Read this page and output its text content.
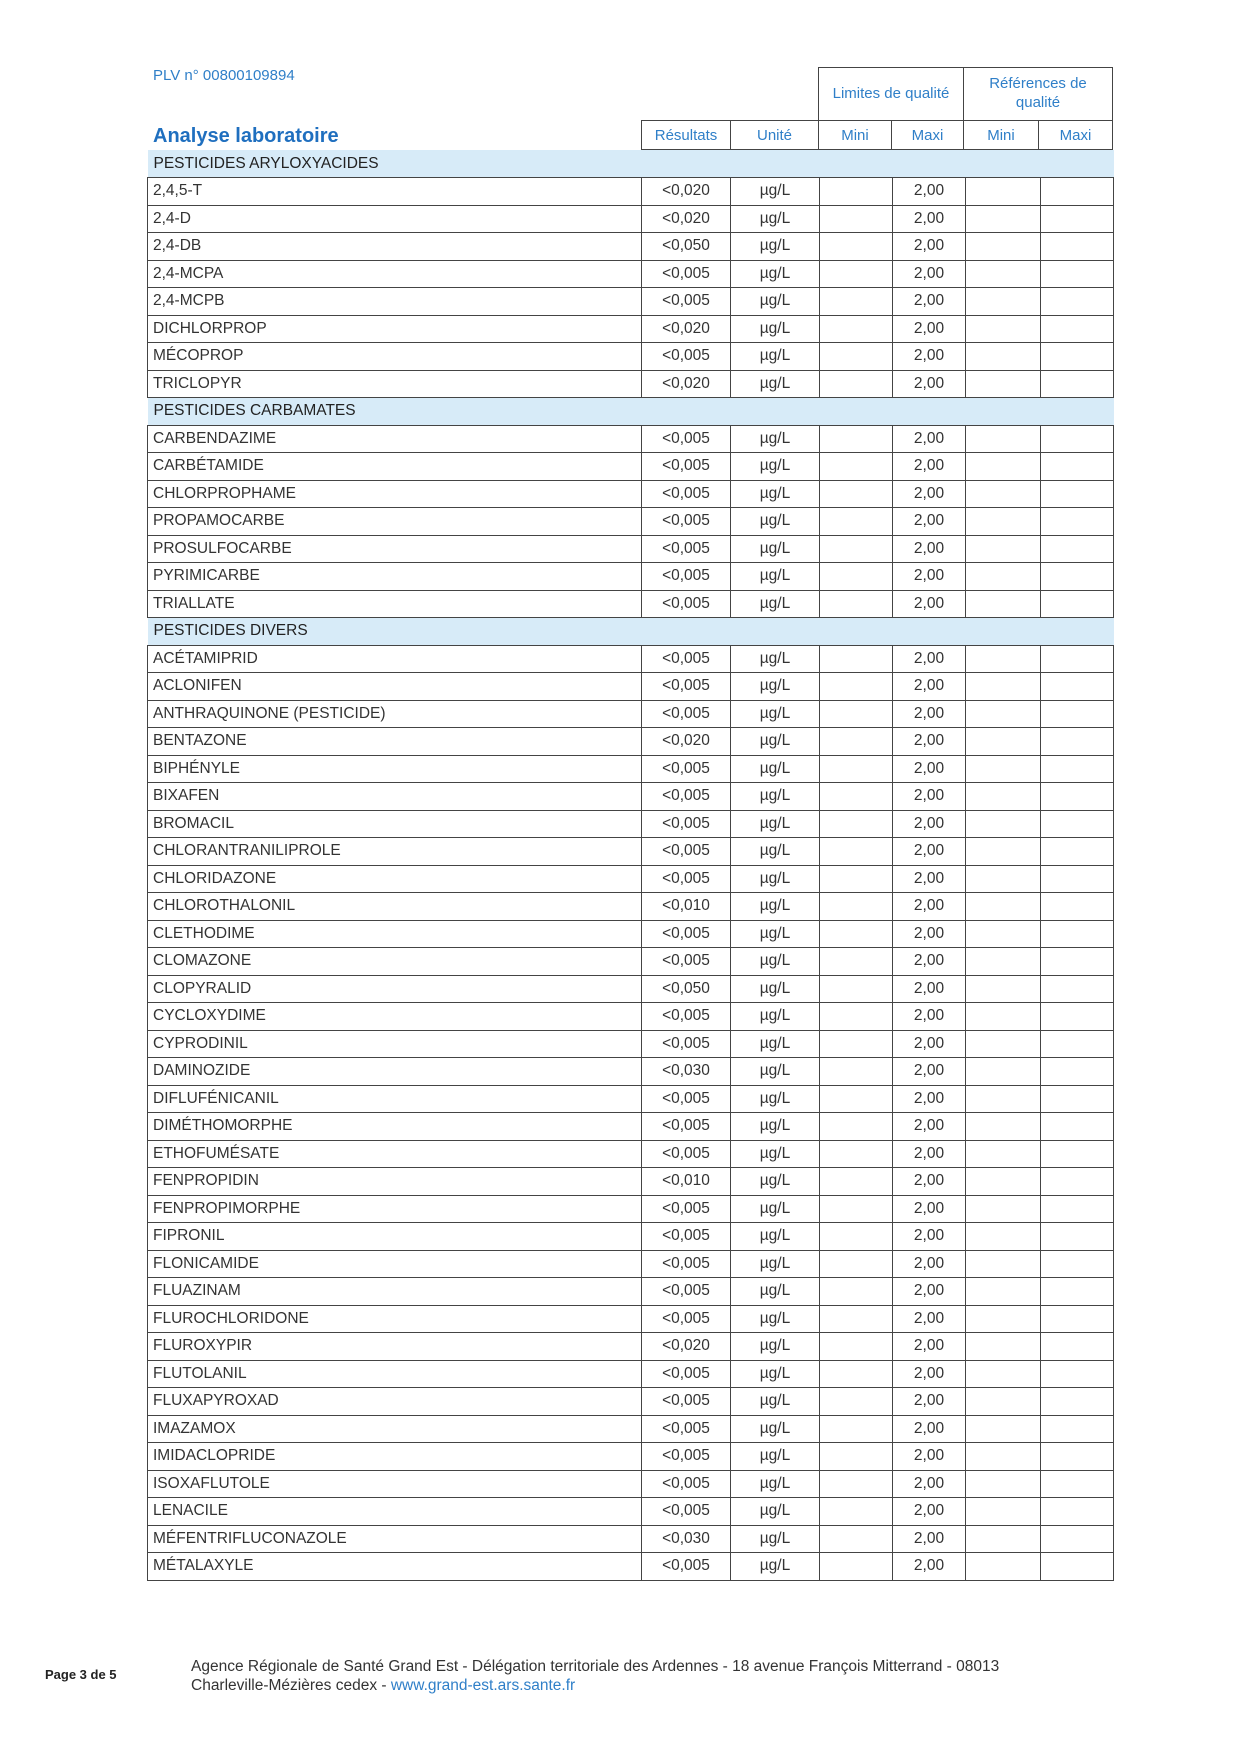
PLV n° 00800109894
Analyse laboratoire
Limites de qualité
Références de qualité
Résultats	Unité	Mini	Maxi	Mini	Maxi
PESTICIDES ARYLOXYACIDES						
2,4,5-T	<0,020	µg/L		2,00		
2,4-D	<0,020	µg/L		2,00		
2,4-DB	<0,050	µg/L		2,00		
2,4-MCPA	<0,005	µg/L		2,00		
2,4-MCPB	<0,005	µg/L		2,00		
DICHLORPROP	<0,020	µg/L		2,00		
MÉCOPROP	<0,005	µg/L		2,00		
TRICLOPYR	<0,020	µg/L		2,00		
PESTICIDES CARBAMATES						
CARBENDAZIME	<0,005	µg/L		2,00		
CARBÉTAMIDE	<0,005	µg/L		2,00		
CHLORPROPHAME	<0,005	µg/L		2,00		
PROPAMOCARBE	<0,005	µg/L		2,00		
PROSULFOCARBE	<0,005	µg/L		2,00		
PYRIMICARBE	<0,005	µg/L		2,00		
TRIALLATE	<0,005	µg/L		2,00		
PESTICIDES DIVERS						
ACÉTAMIPRID	<0,005	µg/L		2,00		
ACLONIFEN	<0,005	µg/L		2,00		
ANTHRAQUINONE (PESTICIDE)	<0,005	µg/L		2,00		
BENTAZONE	<0,020	µg/L		2,00		
BIPHÉNYLE	<0,005	µg/L		2,00		
BIXAFEN	<0,005	µg/L		2,00		
BROMACIL	<0,005	µg/L		2,00		
CHLORANTRANILIPROLE	<0,005	µg/L		2,00		
CHLORIDAZONE	<0,005	µg/L		2,00		
CHLOROTHALONIL	<0,010	µg/L		2,00		
CLETHODIME	<0,005	µg/L		2,00		
CLOMAZONE	<0,005	µg/L		2,00		
CLOPYRALID	<0,050	µg/L		2,00		
CYCLOXYDIME	<0,005	µg/L		2,00		
CYPRODINIL	<0,005	µg/L		2,00		
DAMINOZIDE	<0,030	µg/L		2,00		
DIFLUFÉNICANIL	<0,005	µg/L		2,00		
DIMÉTHOMORPHE	<0,005	µg/L		2,00		
ETHOFUMÉSATE	<0,005	µg/L		2,00		
FENPROPIDIN	<0,010	µg/L		2,00		
FENPROPIMORPHE	<0,005	µg/L		2,00		
FIPRONIL	<0,005	µg/L		2,00		
FLONICAMIDE	<0,005	µg/L		2,00		
FLUAZINAM	<0,005	µg/L		2,00		
FLUROCHLORIDONE	<0,005	µg/L		2,00		
FLUROXYPIR	<0,020	µg/L		2,00		
FLUTOLANIL	<0,005	µg/L		2,00		
FLUXAPYROXAD	<0,005	µg/L		2,00		
IMAZAMOX	<0,005	µg/L		2,00		
IMIDACLOPRIDE	<0,005	µg/L		2,00		
ISOXAFLUTOLE	<0,005	µg/L		2,00		
LENACILE	<0,005	µg/L		2,00		
MÉFENTRIFLUCONAZOLE	<0,030	µg/L		2,00		
MÉTALAXYLE	<0,005	µg/L		2,00		
Page 3 de 5	Agence Régionale de Santé Grand Est - Délégation territoriale des Ardennes - 18 avenue François Mitterrand - 08013
Charleville-Mézières cedex - www.grand-est.ars.sante.fr
